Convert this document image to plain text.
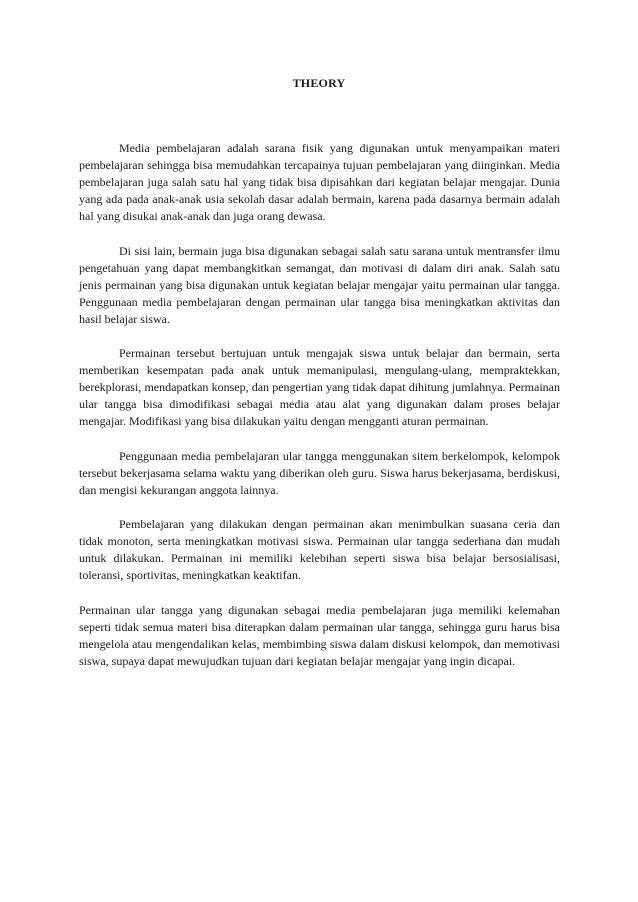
THEORY

Media pembelajaran adalah sarana fisik yang digunakan untuk menyampaikan materi pembelajaran sehingga bisa memudahkan tercapainya tujuan pembelajaran yang diinginkan. Media pembelajaran juga salah satu hal yang tidak bisa dipisahkan dari kegiatan belajar mengajar. Dunia yang ada pada anak-anak usia sekolah dasar adalah bermain, karena pada dasarnya bermain adalah hal yang disukai anak-anak dan juga orang dewasa.

Di sisi lain, bermain juga bisa digunakan sebagai salah satu sarana untuk mentransfer ilmu pengetahuan yang dapat membangkitkan semangat, dan motivasi di dalam diri anak. Salah satu jenis permainan yang bisa digunakan untuk kegiatan belajar mengajar yaitu permainan ular tangga. Penggunaan media pembelajaran dengan permainan ular tangga bisa meningkatkan aktivitas dan hasil belajar siswa.

Permainan tersebut bertujuan untuk mengajak siswa untuk belajar dan bermain, serta memberikan kesempatan pada anak untuk memanipulasi, mengulang-ulang, mempraktekkan, berekplorasi, mendapatkan konsep, dan pengertian yang tidak dapat dihitung jumlahnya. Permainan ular tangga bisa dimodifikasi sebagai media atau alat yang digunakan dalam proses belajar mengajar. Modifikasi yang bisa dilakukan yaitu dengan mengganti aturan permainan.

Penggunaan media pembelajaran ular tangga menggunakan sitem berkelompok, kelompok tersebut bekerjasama selama waktu yang diberikan oleh guru. Siswa harus bekerjasama, berdiskusi, dan mengisi kekurangan anggota lainnya.

Pembelajaran yang dilakukan dengan permainan akan menimbulkan suasana ceria dan tidak monoton, serta meningkatkan motivasi siswa. Permainan ular tangga sederhana dan mudah untuk dilakukan. Permainan ini memiliki kelebihan seperti siswa bisa belajar bersosialisasi, toleransi, sportivitas, meningkatkan keaktifan.

Permainan ular tangga yang digunakan sebagai media pembelajaran juga memiliki kelemahan seperti tidak semua materi bisa diterapkan dalam permainan ular tangga, sehingga guru harus bisa mengelola atau mengendalikan kelas, membimbing siswa dalam diskusi kelompok, dan memotivasi siswa, supaya dapat mewujudkan tujuan dari kegiatan belajar mengajar yang ingin dicapai.
